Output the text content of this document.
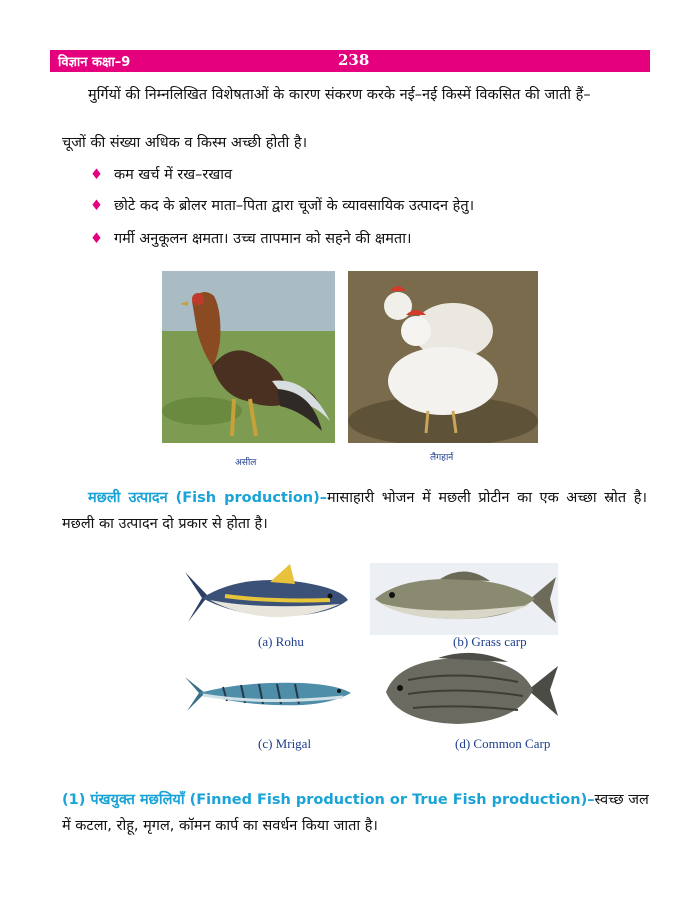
विज्ञान कक्षा–9	238

मुर्गियों की निम्नलिखित विशेषताओं के कारण संकरण करके नई–नई किस्में विकसित की जाती हैं–

चूजों की संख्या अधिक व किस्म अच्छी होती है।

♦ कम खर्च में रख–रखाव
♦ छोटे कद के ब्रोलर माता–पिता द्वारा चूजों के व्यावसायिक उत्पादन हेतु।
♦ गर्मी अनुकूलन क्षमता। उच्च तापमान को सहने की क्षमता।
असील	लैगहार्न

मछली उत्पादन (Fish production)–मासाहारी भोजन में मछली प्रोटीन का एक अच्छा स्रोत है। मछली का उत्पादन दो प्रकार से होता है।

(a) Rohu	(b) Grass carp
(c) Mrigal	(d) Common Carp

(1) पंखयुक्त मछलियाँ (Finned Fish production or True Fish production)–स्वच्छ जल में कटला, रोहू, मृगल, कॉमन कार्प का सवर्धन किया जाता है।
